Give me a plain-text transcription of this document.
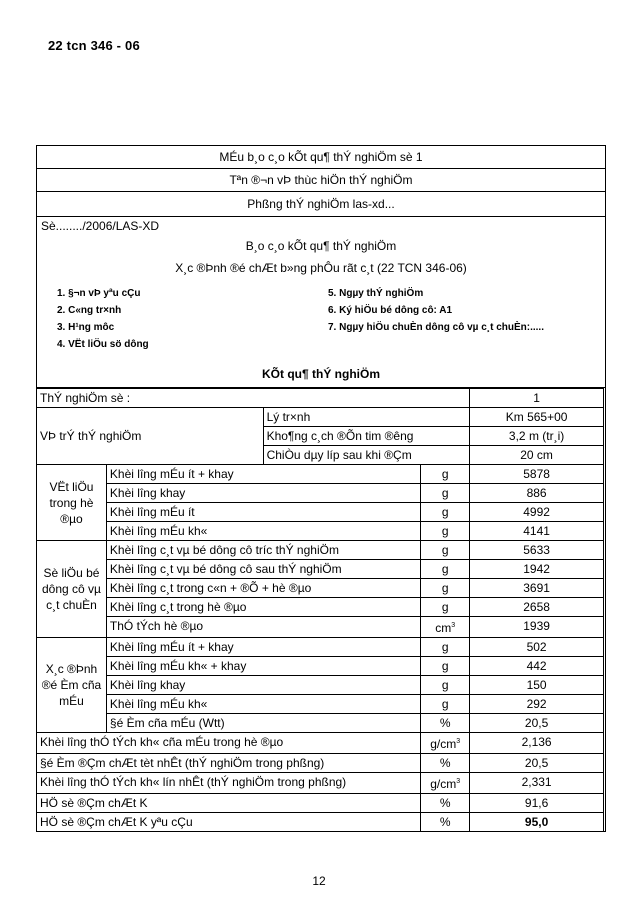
22 tcn 346 - 06
MÉu b¸o c¸o kÕt qu¶ thÝ nghiÖm sè 1
Tªn ®¬n vÞ thùc hiÖn thÝ nghiÖm
Phßng thÝ nghiÖm las-xd...
Sè......../2006/LAS-XD
B¸o c¸o kÕt qu¶ thÝ nghiÖm
X¸c ®Þnh ®é chÆt b»ng phÔu rãt c¸t (22 TCN 346-06)
1. §¬n vÞ yªu cÇu
2. C«ng tr×nh
3. H¹ng môc
4. VËt liÖu sö dông
5. Ngµy thÝ nghiÖm
6. Ký hiÖu bé dông cô: A1
7. Ngµy hiÖu chuÈn dông cô vµ c¸t chuÈn:.....
KÕt qu¶ thÝ nghiÖm
ThÝ nghiÖm sè :				1
VÞ trÝ thÝ nghiÖm		Lý tr×nh		Km 565+00
		Kho¶ng c¸ch ®Õn tim ®êng		3,2 m (tr¸i)
		ChiÒu dµy líp sau khi ®Çm		20 cm
VËt liÖu trong hè ®µo	Khèi lîng mÉu ít + khay		g	5878
	Khèi lîng khay		g	886
	Khèi lîng mÉu ít		g	4992
	Khèi lîng mÉu kh«		g	4141
Sè liÖu bé dông cô vµ c¸t chuÈn	Khèi lîng c¸t vµ bé dông cô tríc thÝ nghiÖm		g	5633
	Khèi lîng c¸t vµ bé dông cô sau thÝ nghiÖm		g	1942
	Khèi lîng c¸t trong c«n + ®Õ + hè ®µo		g	3691
	Khèi lîng c¸t trong hè ®µo		g	2658
	ThÓ tÝch hè ®µo		$cm^3$	1939
X¸c ®Þnh ®é Èm cña mÉu	Khèi lîng mÉu ít + khay		g	502
	Khèi lîng mÉu kh« + khay		g	442
	Khèi lîng khay		g	150
	Khèi lîng mÉu kh«		g	292
	§é Èm cña mÉu (Wtt)		%	20,5
Khèi lîng thÓ tÝch kh« cña mÉu trong hè ®µo			$g/cm^3$	2,136
§é Èm ®Çm chÆt tèt nhÊt (thÝ nghiÖm trong phßng)			%	20,5
Khèi lîng thÓ tÝch kh« lín nhÊt (thÝ nghiÖm trong phßng)			$g/cm^3$	2,331
HÖ sè ®Çm chÆt K			%	91,6
HÖ sè ®Çm chÆt K yªu cÇu			%	95,0
12
